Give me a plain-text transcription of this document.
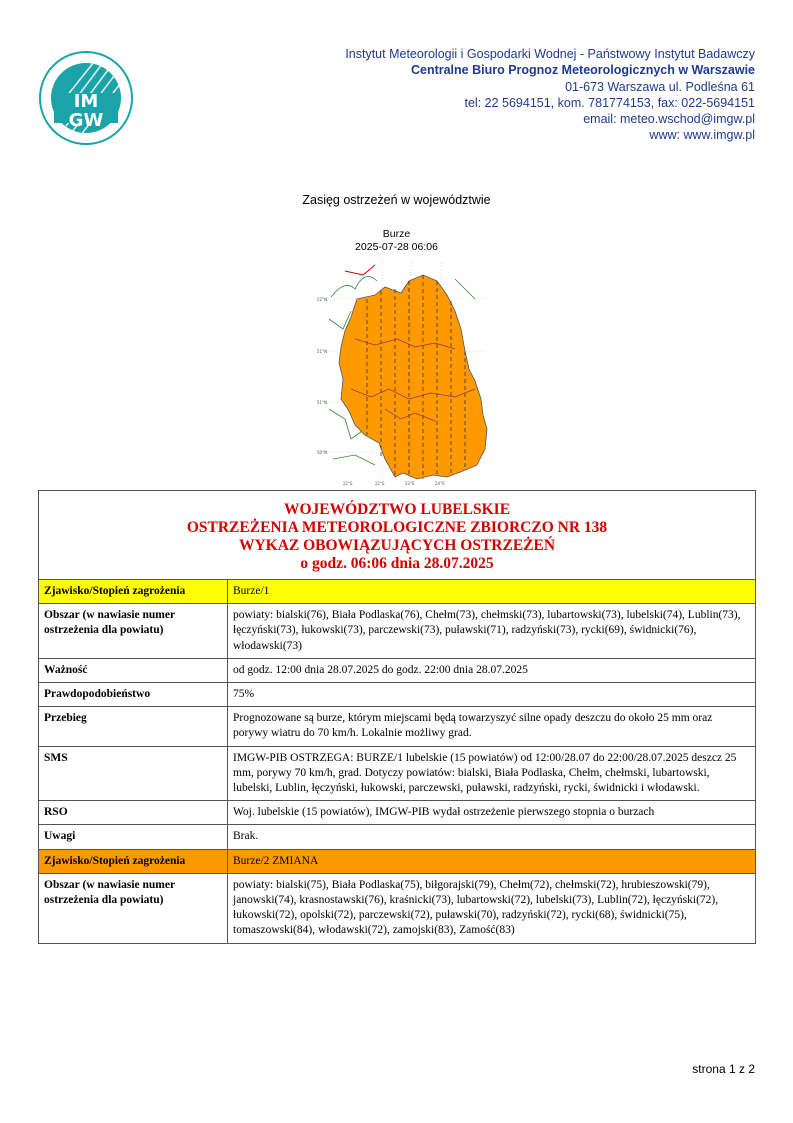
IM
GW
Instytut Meteorologii i Gospodarki Wodnej - Państwowy Instytut Badawczy
Centralne Biuro Prognoz Meteorologicznych w Warszawie
01-673 Warszawa ul. Podleśna 61
tel: 22 5694151, kom. 781774153, fax: 022-5694151
email: meteo.wschod@imgw.pl
www: www.imgw.pl
Zasięg ostrzeżeń w województwie
Burze
2025-07-28 06:06
52°N
51°N
51°N
50°N
22°E	22°E	23°E	24°E
WOJEWÓDZTWO LUBELSKIE
OSTRZEŻENIA METEOROLOGICZNE ZBIORCZO NR 138
WYKAZ OBOWIĄZUJĄCYCH OSTRZEŻEŃ
o godz. 06:06 dnia 28.07.2025	

Zjawisko/Stopień zagrożenia	Burze/1
Obszar (w nawiasie numer ostrzeżenia dla powiatu)	powiaty: bialski(76), Biała Podlaska(76), Chełm(73), chełmski(73), lubartowski(73), lubelski(74), Lublin(73), łęczyński(73), łukowski(73), parczewski(73), puławski(71), radzyński(73), rycki(69), świdnicki(76), włodawski(73)
Ważność	od godz. 12:00 dnia 28.07.2025 do godz. 22:00 dnia 28.07.2025
Prawdopodobieństwo	75%
Przebieg	Prognozowane są burze, którym miejscami będą towarzyszyć silne opady deszczu do około 25 mm oraz porywy wiatru do 70 km/h. Lokalnie możliwy grad.
SMS	IMGW-PIB OSTRZEGA: BURZE/1 lubelskie (15 powiatów) od 12:00/28.07 do 22:00/28.07.2025 deszcz 25 mm, porywy 70 km/h, grad. Dotyczy powiatów: bialski, Biała Podlaska, Chełm, chełmski, lubartowski, lubelski, Lublin, łęczyński, łukowski, parczewski, puławski, radzyński, rycki, świdnicki i włodawski.
RSO	Woj. lubelskie (15 powiatów), IMGW-PIB wydał ostrzeżenie pierwszego stopnia o burzach
Uwagi	Brak.
Zjawisko/Stopień zagrożenia	Burze/2 ZMIANA
Obszar (w nawiasie numer ostrzeżenia dla powiatu)	powiaty: bialski(75), Biała Podlaska(75), biłgorajski(79), Chełm(72), chełmski(72), hrubieszowski(79), janowski(74), krasnostawski(76), kraśnicki(73), lubartowski(72), lubelski(73), Lublin(72), łęczyński(72), łukowski(72), opolski(72), parczewski(72), puławski(70), radzyński(72), rycki(68), świdnicki(75), tomaszowski(84), włodawski(72), zamojski(83), Zamość(83)
strona 1 z 2
